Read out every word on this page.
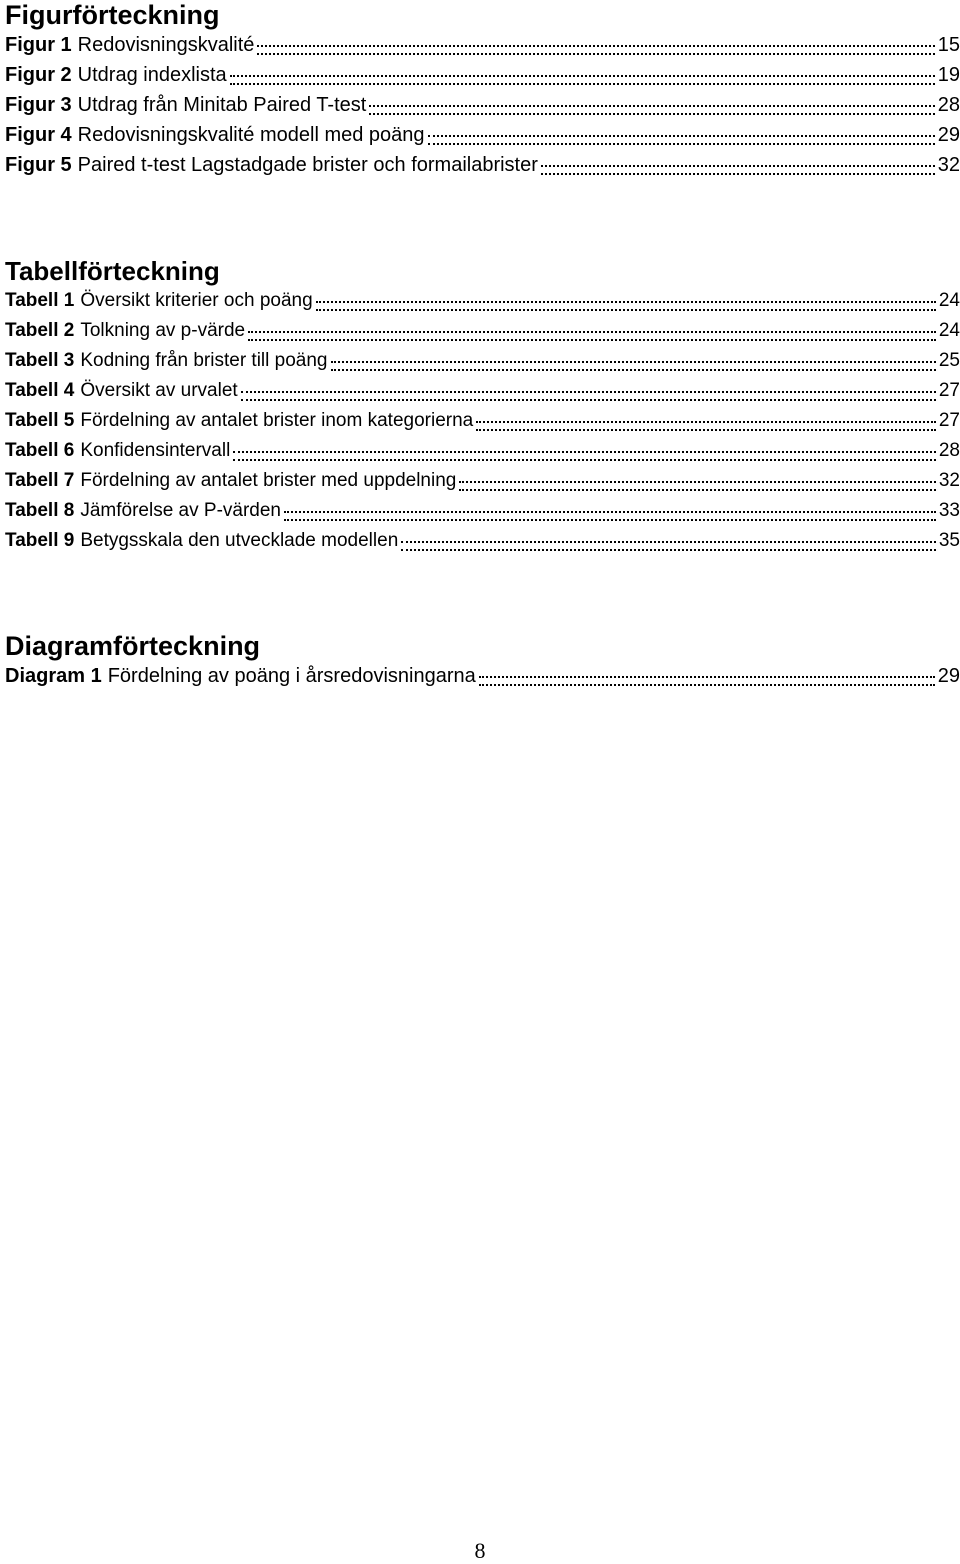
Figurförteckning
Figur 1 Redovisningskvalité	15
Figur 2 Utdrag indexlista	19
Figur 3 Utdrag från Minitab Paired T-test	28
Figur 4 Redovisningskvalité modell med poäng	29
Figur 5 Paired t-test Lagstadgade brister och formailabrister	32
Tabellförteckning
Tabell 1 Översikt kriterier och poäng	24
Tabell 2 Tolkning av p-värde	24
Tabell 3 Kodning från brister till poäng	25
Tabell 4 Översikt av urvalet	27
Tabell 5 Fördelning av antalet brister inom kategorierna	27
Tabell 6 Konfidensintervall	28
Tabell 7 Fördelning av antalet brister med uppdelning	32
Tabell 8 Jämförelse av P-värden	33
Tabell 9 Betygsskala den utvecklade modellen	35
Diagramförteckning
Diagram 1 Fördelning av poäng i årsredovisningarna	29
8
